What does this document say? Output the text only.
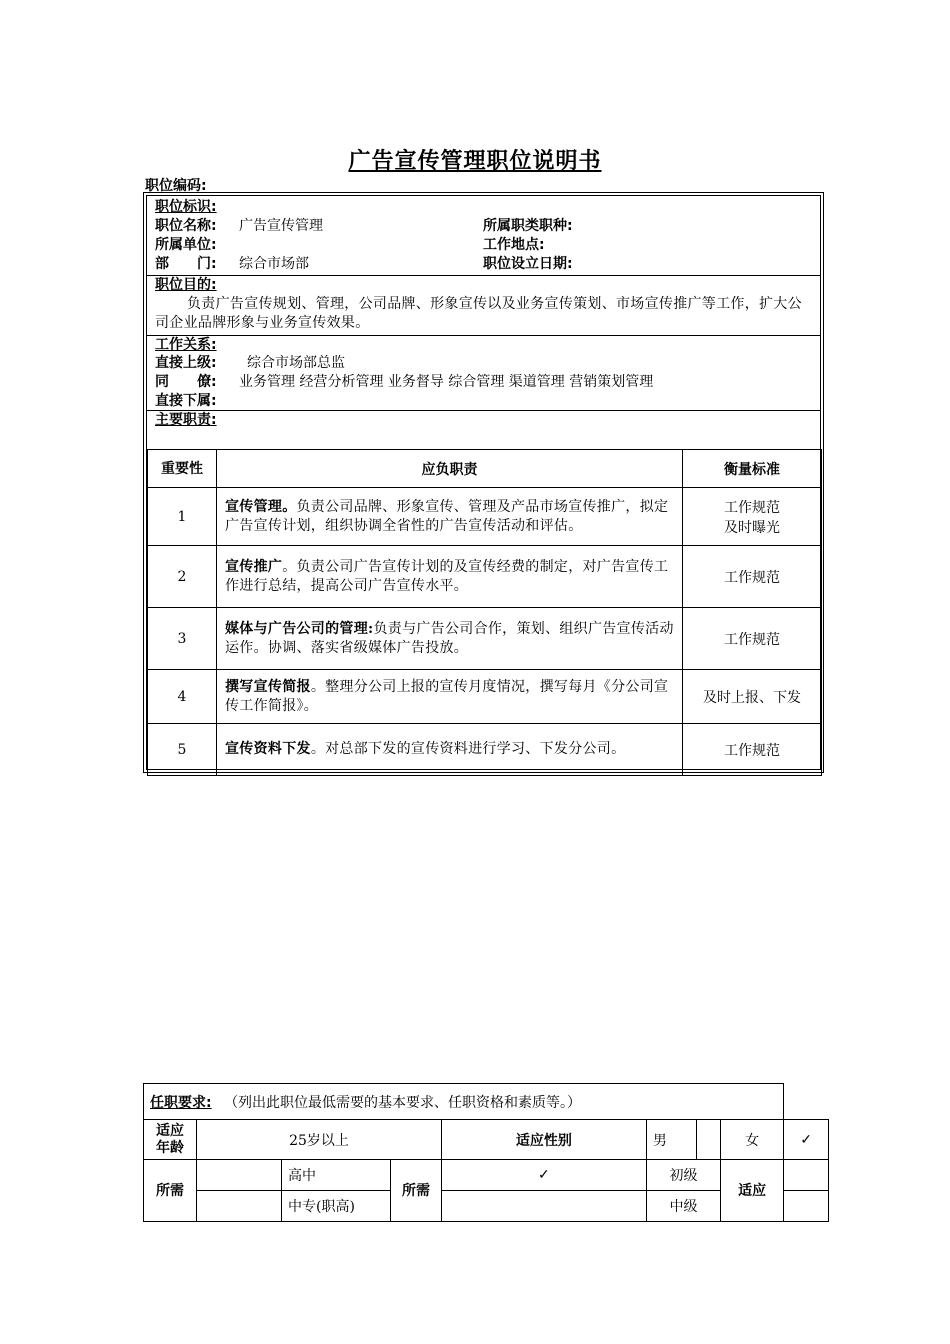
广告宣传管理职位说明书
职位编码:
职位标识:
职位名称: 广告宣传管理	所属职类职种:
所属单位:	工作地点:
部　　门: 综合市场部	职位设立日期:
职位目的:
负责广告宣传规划、管理，公司品牌、形象宣传以及业务宣传策划、市场宣传推广等工作，扩大公司企业品牌形象与业务宣传效果。
工作关系:
直接上级: 综合市场部总监
同　　僚: 业务管理 经营分析管理 业务督导 综合管理 渠道管理 营销策划管理
直接下属:
主要职责:
重要性	应负职责	衡量标准
1	宣传管理。负责公司品牌、形象宣传、管理及产品市场宣传推广，拟定广告宣传计划，组织协调全省性的广告宣传活动和评估。	工作规范
及时曝光
2	宣传推广。负责公司广告宣传计划的及宣传经费的制定，对广告宣传工作进行总结，提高公司广告宣传水平。	工作规范
3	媒体与广告公司的管理:负责与广告公司合作，策划、组织广告宣传活动运作。协调、落实省级媒体广告投放。	工作规范
4	撰写宣传简报。整理分公司上报的宣传月度情况，撰写每月《分公司宣传工作简报》。	及时上报、下发
5	宣传资料下发。对总部下发的宣传资料进行学习、下发分公司。	工作规范
任职要求: （列出此职位最低需要的基本要求、任职资格和素质等。）								
适应年龄	25岁以上			适应性别	男		女	✓
所需		高中	所需	✓	初级		适应	
		中专(职高)			中级			
